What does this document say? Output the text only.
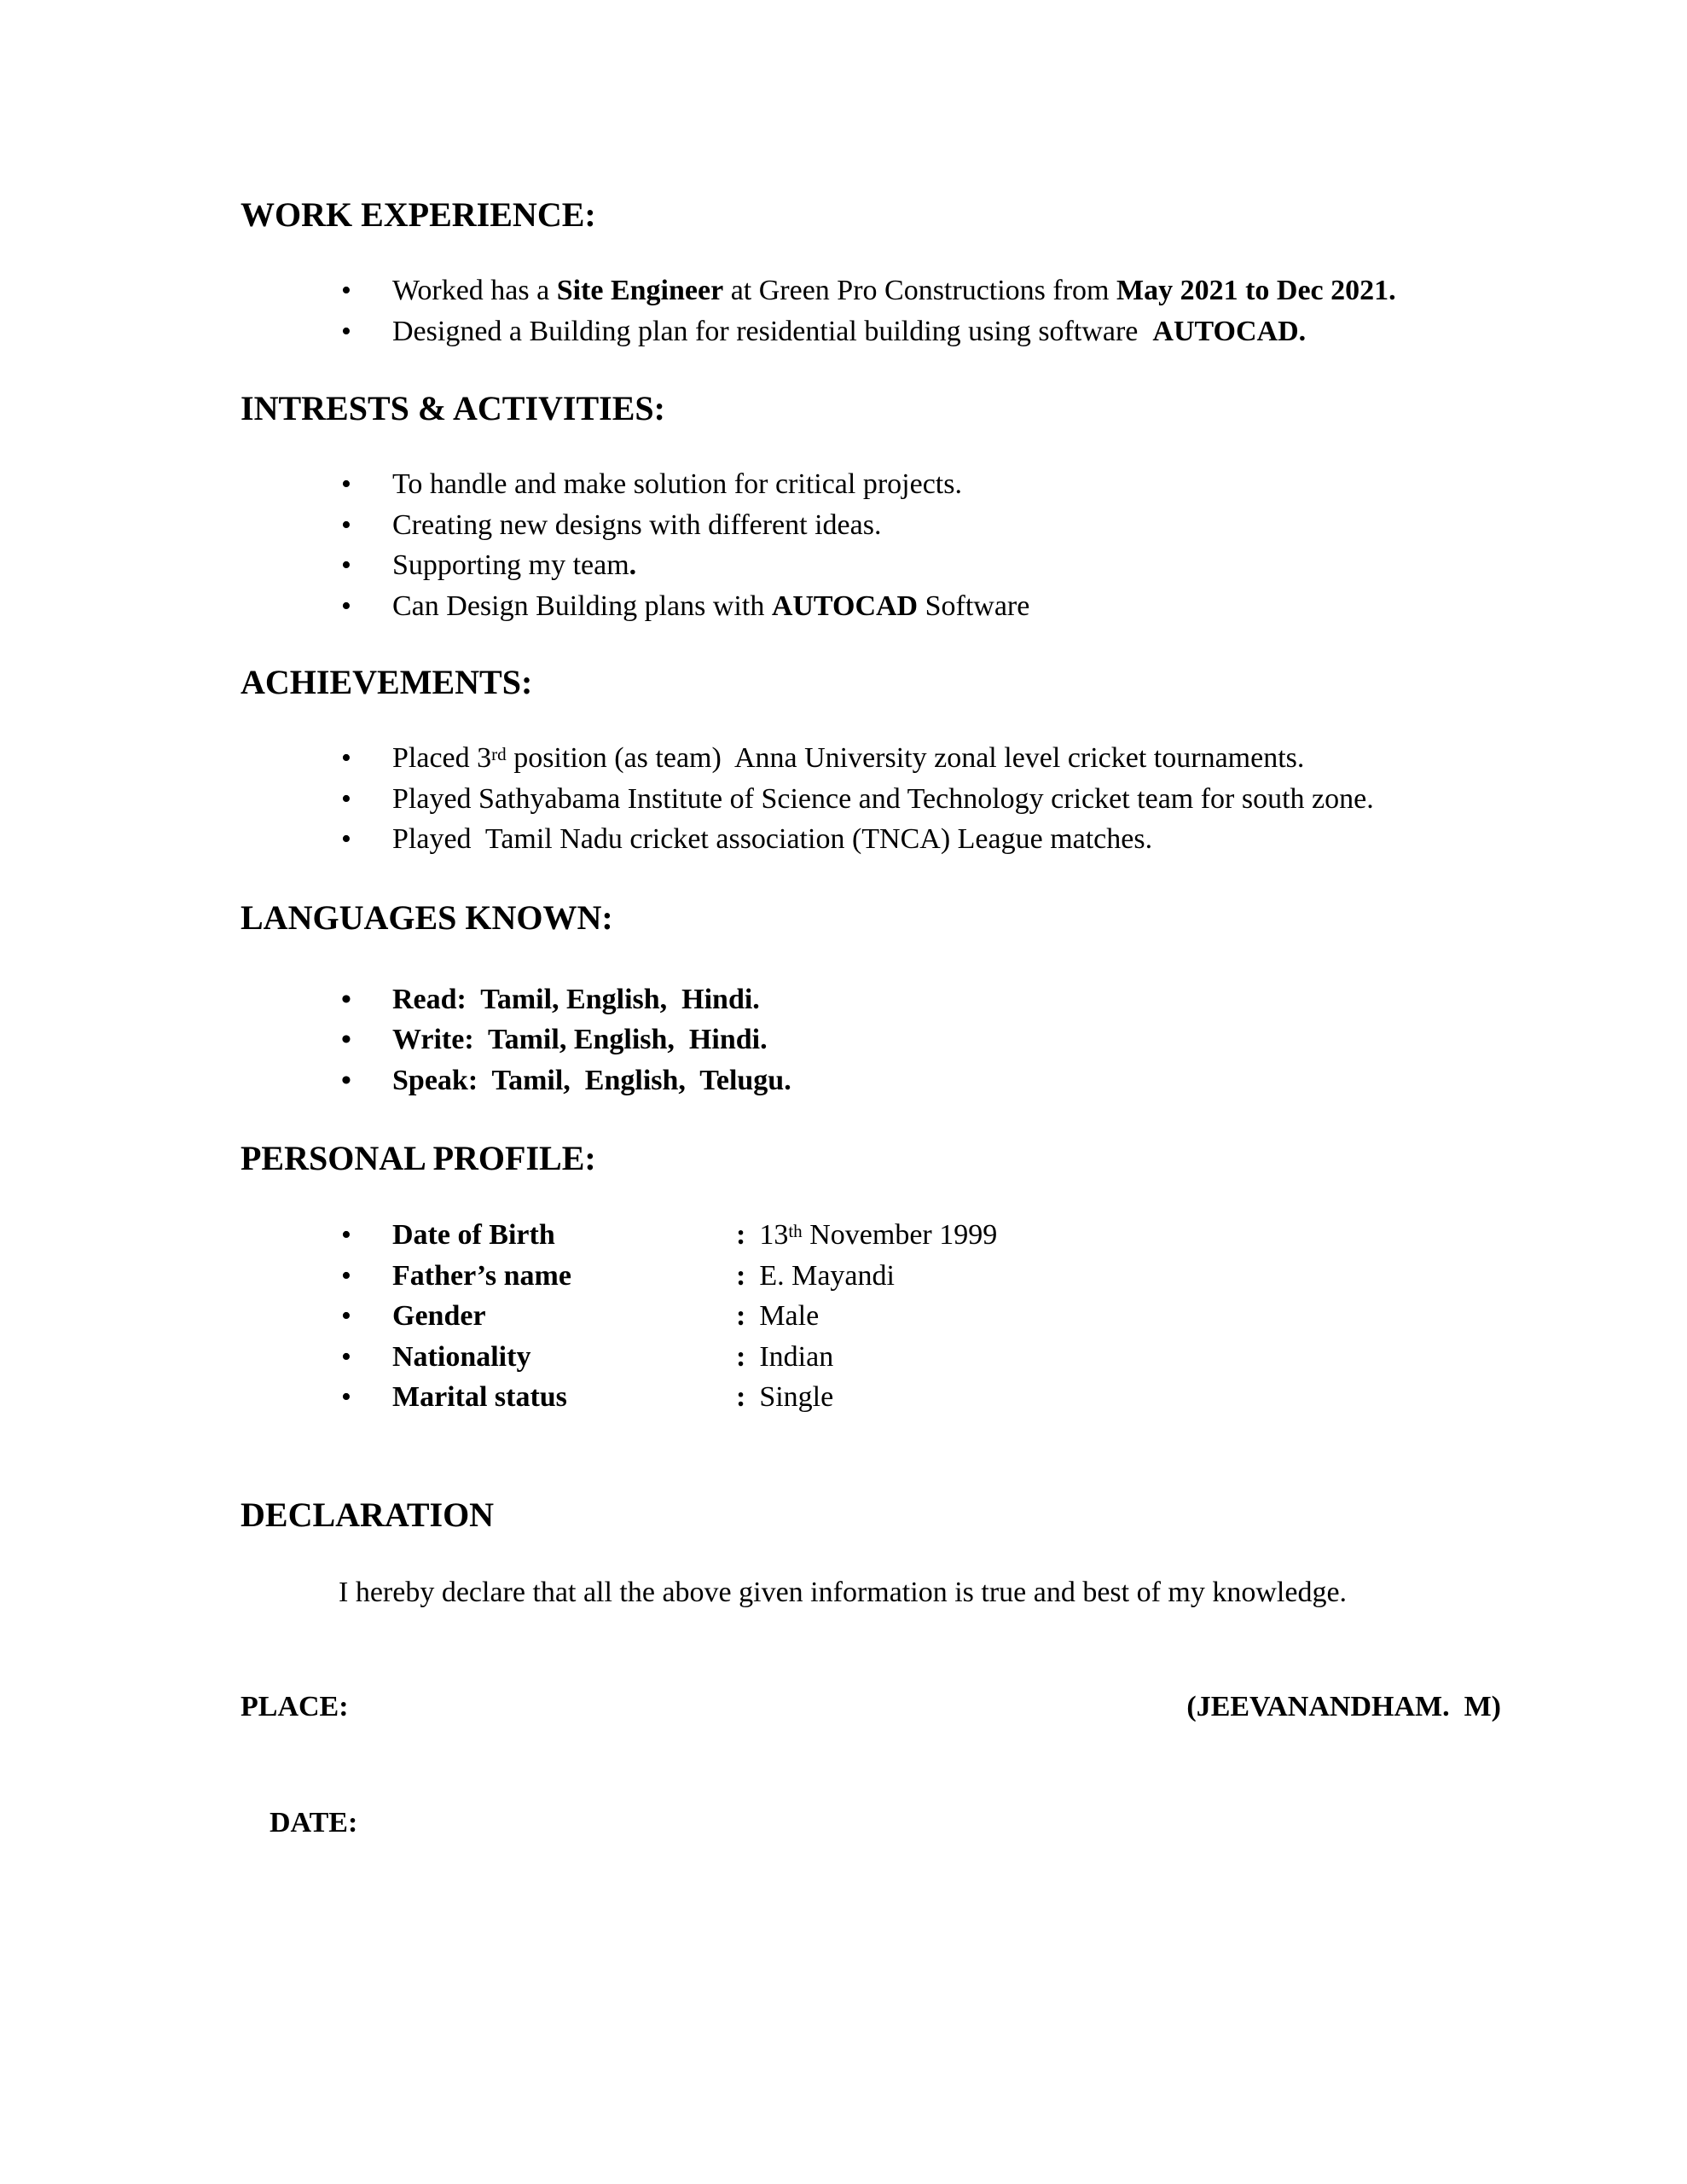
WORK EXPERIENCE:
• Worked has a Site Engineer at Green Pro Constructions from May 2021 to Dec 2021.
• Designed a Building plan for residential building using software  AUTOCAD.
INTRESTS & ACTIVITIES:
• To handle and make solution for critical projects.
• Creating new designs with different ideas.
• Supporting my team.
• Can Design Building plans with AUTOCAD Software
ACHIEVEMENTS:
• Placed 3rd position (as team)  Anna University zonal level cricket tournaments.
• Played Sathyabama Institute of Science and Technology cricket team for south zone.
• Played  Tamil Nadu cricket association (TNCA) League matches.
LANGUAGES KNOWN:
• Read:  Tamil, English,  Hindi.
• Write:  Tamil, English,  Hindi.
• Speak:  Tamil,  English,  Telugu.
PERSONAL PROFILE:
• Date of Birth	: 13th November 1999
• Father’s name	: E. Mayandi
• Gender	: Male
• Nationality	: Indian
• Marital status	: Single
DECLARATION

I hereby declare that all the above given information is true and best of my knowledge.

PLACE:	(JEEVANANDHAM.  M)

DATE:
